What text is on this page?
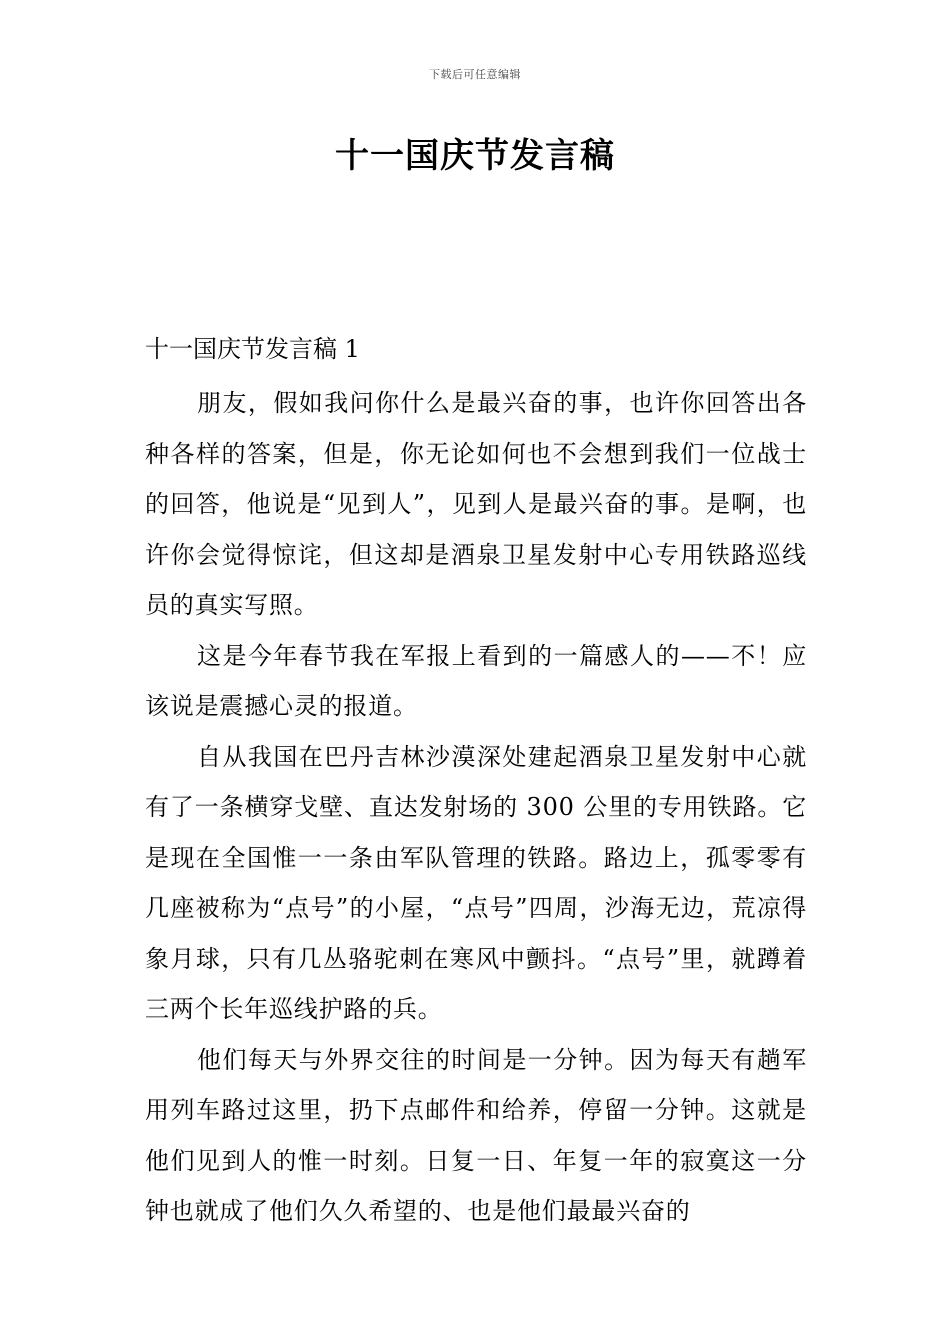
下载后可任意编辑
十一国庆节发言稿

十一国庆节发言稿 1

朋友，假如我问你什么是最兴奋的事，也许你回答出各种各样的答案，但是，你无论如何也不会想到我们一位战士的回答，他说是“见到人”，见到人是最兴奋的事。是啊，也许你会觉得惊诧，但这却是酒泉卫星发射中心专用铁路巡线员的真实写照。

这是今年春节我在军报上看到的一篇感人的——不！应该说是震撼心灵的报道。

自从我国在巴丹吉林沙漠深处建起酒泉卫星发射中心就有了一条横穿戈壁、直达发射场的 300 公里的专用铁路。它是现在全国惟一一条由军队管理的铁路。路边上，孤零零有几座被称为“点号”的小屋，“点号”四周，沙海无边，荒凉得象月球，只有几丛骆驼刺在寒风中颤抖。“点号”里，就蹲着三两个长年巡线护路的兵。

他们每天与外界交往的时间是一分钟。因为每天有趟军用列车路过这里，扔下点邮件和给养，停留一分钟。这就是他们见到人的惟一时刻。日复一日、年复一年的寂寞这一分钟也就成了他们久久希望的、也是他们最最兴奋的
